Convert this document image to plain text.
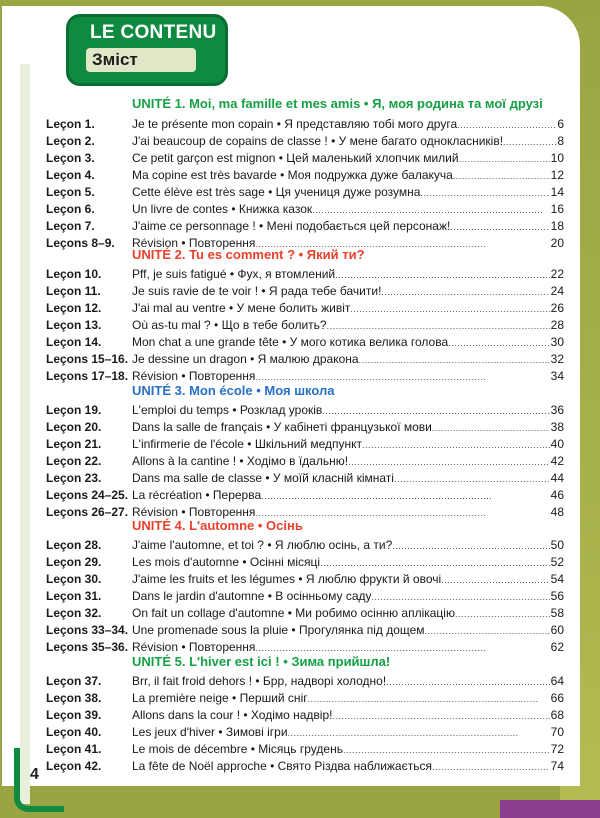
LE CONTENU
Зміст
UNITÉ 1. Moi, ma famille et mes amis • Я, моя родина та мої друзі
Leçon 1.	Je te présente mon copain • Я представляю тобі мого друга . . .	6
Leçon 2.	J'ai beaucoup de copains de classe ! • У мене багато однокласників! . . .	8
Leçon 3.	Ce petit garçon est mignon • Цей маленький хлопчик милий . . .	10
Leçon 4.	Ma copine est très bavarde • Моя подружка дуже балакуча . . .	12
Leçon 5.	Cette élève est très sage • Ця учениця дуже розумна . . .	14
Leçon 6.	Un livre de contes • Книжка казок . . .	16
Leçon 7.	J'aime ce personnage ! • Мені подобається цей персонаж! . . .	18
Leçons 8–9.	Révision • Повторення . . .	20
UNITÉ 2. Tu es comment ? • Який ти?
Leçon 10.	Pff, je suis fatigué • Фух, я втомлений . . .	22
Leçon 11.	Je suis ravie de te voir ! • Я рада тебе бачити! . . .	24
Leçon 12.	J'ai mal au ventre • У мене болить живіт . . .	26
Leçon 13.	Où as-tu mal ? • Що в тебе болить? . . .	28
Leçon 14.	Mon chat a une grande tête • У мого котика велика голова . . .	30
Leçons 15–16. Je dessine un dragon • Я малюю дракона . . .	32
Leçons 17–18. Révision • Повторення . . .	34
UNITÉ 3. Mon école • Моя школа
Leçon 19.	L'emploi du temps • Розклад уроків . . .	36
Leçon 20.	Dans la salle de français • У кабінеті французької мови . . .	38
Leçon 21.	L'infirmerie de l'école • Шкільний медпункт . . .	40
Leçon 22.	Allons à la cantine ! • Ходімо в їдальню! . . .	42
Leçon 23.	Dans ma salle de classe • У моїй класній кімнаті . . .	44
Leçons 24–25. La récréation • Перерва . . .	46
Leçons 26–27. Révision • Повторення . . .	48
UNITÉ 4. L'automne • Осінь
Leçon 28.	J'aime l'automne, et toi ? • Я люблю осінь, а ти? . . .	50
Leçon 29.	Les mois d'automne • Осінні місяці . . .	52
Leçon 30.	J'aime les fruits et les légumes • Я люблю фрукти й овочі . . .	54
Leçon 31.	Dans le jardin d'automne • В осінньому саду . . .	56
Leçon 32.	On fait un collage d'automne • Ми робимо осінню аплікацію . . .	58
Leçons 33–34. Une promenade sous la pluie • Прогулянка під дощем . . .	60
Leçons 35–36. Révision • Повторення . . .	62
UNITÉ 5. L'hiver est ici ! • Зима прийшла!
Leçon 37.	Brr, il fait froid dehors ! • Брр, надворі холодно! . . .	64
Leçon 38.	La première neige • Перший сніг . . .	66
Leçon 39.	Allons dans la cour ! • Ходімо надвір! . . .	68
Leçon 40.	Les jeux d'hiver • Зимові ігри . . .	70
Leçon 41.	Le mois de décembre • Місяць грудень . . .	72
Leçon 42.	La fête de Noël approche • Свято Різдва наближається . . .	74
4
